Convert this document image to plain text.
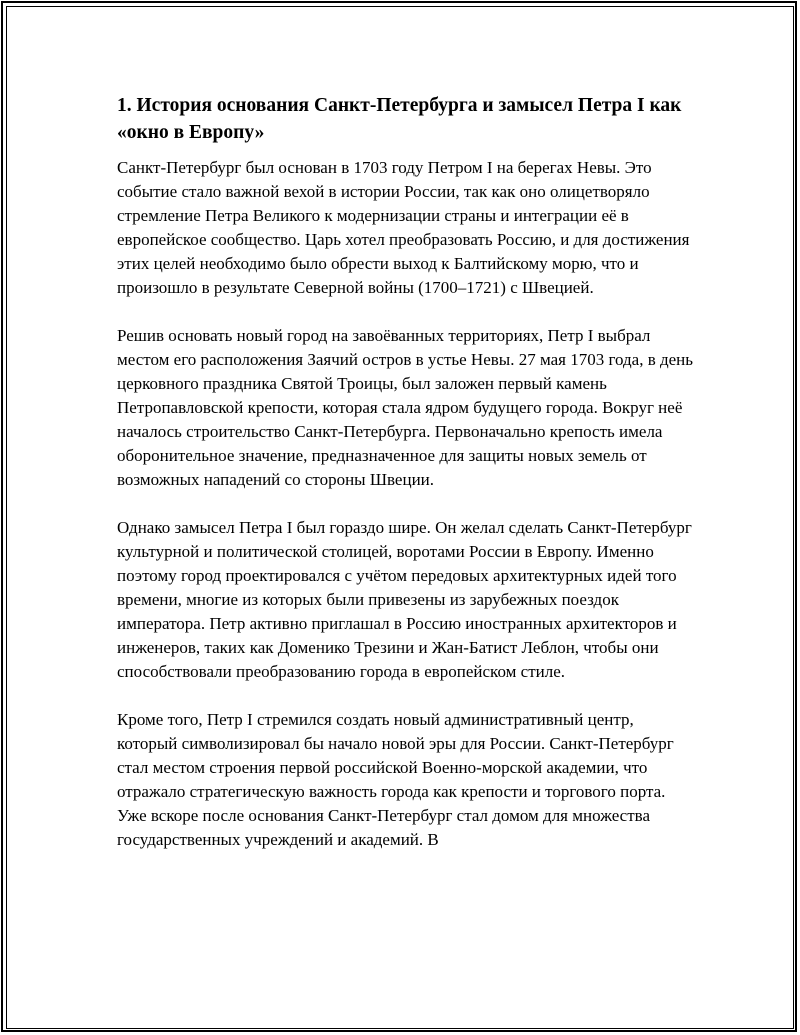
1. История основания Санкт-Петербурга и замысел Петра I как «окно в Европу»

Санкт-Петербург был основан в 1703 году Петром I на берегах Невы. Это событие стало важной вехой в истории России, так как оно олицетворяло стремление Петра Великого к модернизации страны и интеграции её в европейское сообщество. Царь хотел преобразовать Россию, и для достижения этих целей необходимо было обрести выход к Балтийскому морю, что и произошло в результате Северной войны (1700–1721) с Швецией.

Решив основать новый город на завоёванных территориях, Петр I выбрал местом его расположения Заячий остров в устье Невы. 27 мая 1703 года, в день церковного праздника Святой Троицы, был заложен первый камень Петропавловской крепости, которая стала ядром будущего города. Вокруг неё началось строительство Санкт-Петербурга. Первоначально крепость имела оборонительное значение, предназначенное для защиты новых земель от возможных нападений со стороны Швеции.

Однако замысел Петра I был гораздо шире. Он желал сделать Санкт-Петербург культурной и политической столицей, воротами России в Европу. Именно поэтому город проектировался с учётом передовых архитектурных идей того времени, многие из которых были привезены из зарубежных поездок императора. Петр активно приглашал в Россию иностранных архитекторов и инженеров, таких как Доменико Трезини и Жан-Батист Леблон, чтобы они способствовали преобразованию города в европейском стиле.

Кроме того, Петр I стремился создать новый административный центр, который символизировал бы начало новой эры для России. Санкт-Петербург стал местом строения первой российской Военно-морской академии, что отражало стратегическую важность города как крепости и торгового порта. Уже вскоре после основания Санкт-Петербург стал домом для множества государственных учреждений и академий. В
